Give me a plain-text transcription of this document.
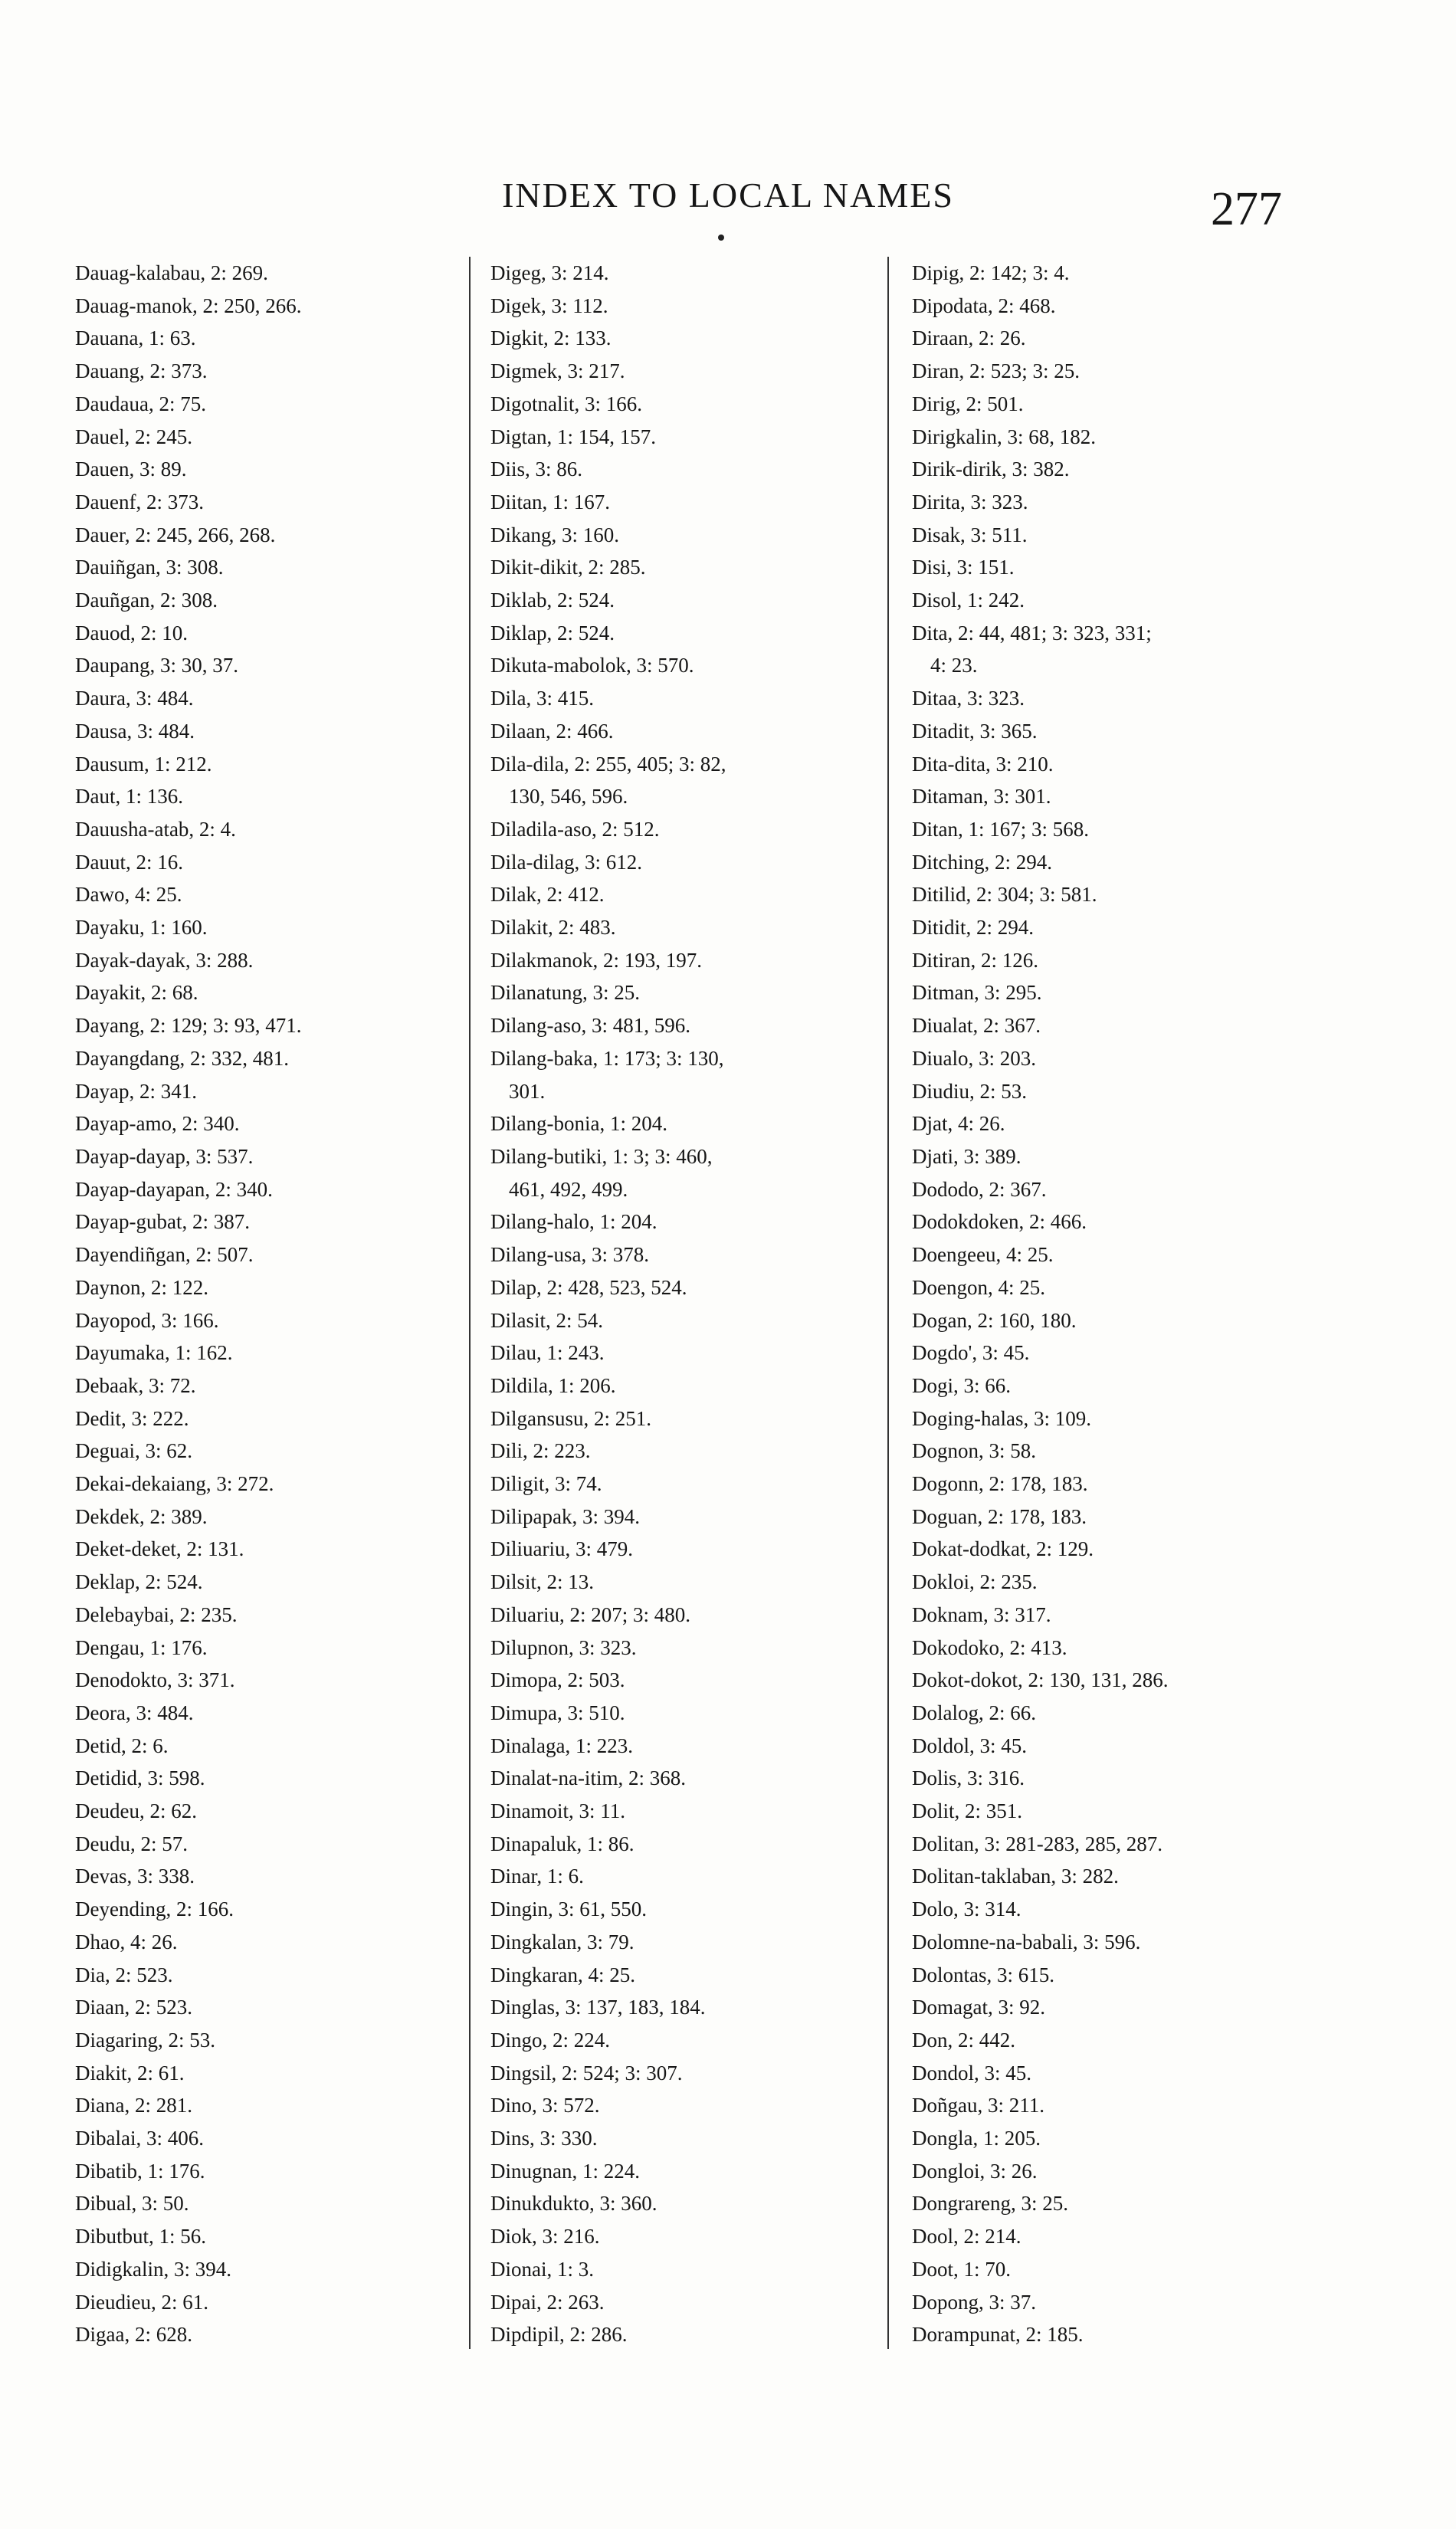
INDEX TO LOCAL NAMES	277
Dauag-kalabau, 2: 269.
Dauag-manok, 2: 250, 266.
Dauana, 1: 63.
Dauang, 2: 373.
Daudaua, 2: 75.
Dauel, 2: 245.
Dauen, 3: 89.
Dauenf, 2: 373.
Dauer, 2: 245, 266, 268.
Dauiñgan, 3: 308.
Dauñgan, 2: 308.
Dauod, 2: 10.
Daupang, 3: 30, 37.
Daura, 3: 484.
Dausa, 3: 484.
Dausum, 1: 212.
Daut, 1: 136.
Dauusha-atab, 2: 4.
Dauut, 2: 16.
Dawo, 4: 25.
Dayaku, 1: 160.
Dayak-dayak, 3: 288.
Dayakit, 2: 68.
Dayang, 2: 129; 3: 93, 471.
Dayangdang, 2: 332, 481.
Dayap, 2: 341.
Dayap-amo, 2: 340.
Dayap-dayap, 3: 537.
Dayap-dayapan, 2: 340.
Dayap-gubat, 2: 387.
Dayendiñgan, 2: 507.
Daynon, 2: 122.
Dayopod, 3: 166.
Dayumaka, 1: 162.
Debaak, 3: 72.
Dedit, 3: 222.
Deguai, 3: 62.
Dekai-dekaiang, 3: 272.
Dekdek, 2: 389.
Deket-deket, 2: 131.
Deklap, 2: 524.
Delebaybai, 2: 235.
Dengau, 1: 176.
Denodokto, 3: 371.
Deora, 3: 484.
Detid, 2: 6.
Detidid, 3: 598.
Deudeu, 2: 62.
Deudu, 2: 57.
Devas, 3: 338.
Deyending, 2: 166.
Dhao, 4: 26.
Dia, 2: 523.
Diaan, 2: 523.
Diagaring, 2: 53.
Diakit, 2: 61.
Diana, 2: 281.
Dibalai, 3: 406.
Dibatib, 1: 176.
Dibual, 3: 50.
Dibutbut, 1: 56.
Didigkalin, 3: 394.
Dieudieu, 2: 61.
Digaa, 2: 628.
Digeg, 3: 214.
Digek, 3: 112.
Digkit, 2: 133.
Digmek, 3: 217.
Digotnalit, 3: 166.
Digtan, 1: 154, 157.
Diis, 3: 86.
Diitan, 1: 167.
Dikang, 3: 160.
Dikit-dikit, 2: 285.
Diklab, 2: 524.
Diklap, 2: 524.
Dikuta-mabolok, 3: 570.
Dila, 3: 415.
Dilaan, 2: 466.
Dila-dila, 2: 255, 405; 3: 82,
130, 546, 596.
Diladila-aso, 2: 512.
Dila-dilag, 3: 612.
Dilak, 2: 412.
Dilakit, 2: 483.
Dilakmanok, 2: 193, 197.
Dilanatung, 3: 25.
Dilang-aso, 3: 481, 596.
Dilang-baka, 1: 173; 3: 130,
301.
Dilang-bonia, 1: 204.
Dilang-butiki, 1: 3; 3: 460,
461, 492, 499.
Dilang-halo, 1: 204.
Dilang-usa, 3: 378.
Dilap, 2: 428, 523, 524.
Dilasit, 2: 54.
Dilau, 1: 243.
Dildila, 1: 206.
Dilgansusu, 2: 251.
Dili, 2: 223.
Diligit, 3: 74.
Dilipapak, 3: 394.
Diliuariu, 3: 479.
Dilsit, 2: 13.
Diluariu, 2: 207; 3: 480.
Dilupnon, 3: 323.
Dimopa, 2: 503.
Dimupa, 3: 510.
Dinalaga, 1: 223.
Dinalat-na-itim, 2: 368.
Dinamoit, 3: 11.
Dinapaluk, 1: 86.
Dinar, 1: 6.
Dingin, 3: 61, 550.
Dingkalan, 3: 79.
Dingkaran, 4: 25.
Dinglas, 3: 137, 183, 184.
Dingo, 2: 224.
Dingsil, 2: 524; 3: 307.
Dino, 3: 572.
Dins, 3: 330.
Dinugnan, 1: 224.
Dinukdukto, 3: 360.
Diok, 3: 216.
Dionai, 1: 3.
Dipai, 2: 263.
Dipdipil, 2: 286.
Dipig, 2: 142; 3: 4.
Dipodata, 2: 468.
Diraan, 2: 26.
Diran, 2: 523; 3: 25.
Dirig, 2: 501.
Dirigkalin, 3: 68, 182.
Dirik-dirik, 3: 382.
Dirita, 3: 323.
Disak, 3: 511.
Disi, 3: 151.
Disol, 1: 242.
Dita, 2: 44, 481; 3: 323, 331;
4: 23.
Ditaa, 3: 323.
Ditadit, 3: 365.
Dita-dita, 3: 210.
Ditaman, 3: 301.
Ditan, 1: 167; 3: 568.
Ditching, 2: 294.
Ditilid, 2: 304; 3: 581.
Ditidit, 2: 294.
Ditiran, 2: 126.
Ditman, 3: 295.
Diualat, 2: 367.
Diualo, 3: 203.
Diudiu, 2: 53.
Djat, 4: 26.
Djati, 3: 389.
Dododo, 2: 367.
Dodokdoken, 2: 466.
Doengeeu, 4: 25.
Doengon, 4: 25.
Dogan, 2: 160, 180.
Dogdo', 3: 45.
Dogi, 3: 66.
Doging-halas, 3: 109.
Dognon, 3: 58.
Dogonn, 2: 178, 183.
Doguan, 2: 178, 183.
Dokat-dodkat, 2: 129.
Dokloi, 2: 235.
Doknam, 3: 317.
Dokodoko, 2: 413.
Dokot-dokot, 2: 130, 131, 286.
Dolalog, 2: 66.
Doldol, 3: 45.
Dolis, 3: 316.
Dolit, 2: 351.
Dolitan, 3: 281-283, 285, 287.
Dolitan-taklaban, 3: 282.
Dolo, 3: 314.
Dolomne-na-babali, 3: 596.
Dolontas, 3: 615.
Domagat, 3: 92.
Don, 2: 442.
Dondol, 3: 45.
Doñgau, 3: 211.
Dongla, 1: 205.
Dongloi, 3: 26.
Dongrareng, 3: 25.
Dool, 2: 214.
Doot, 1: 70.
Dopong, 3: 37.
Dorampunat, 2: 185.
